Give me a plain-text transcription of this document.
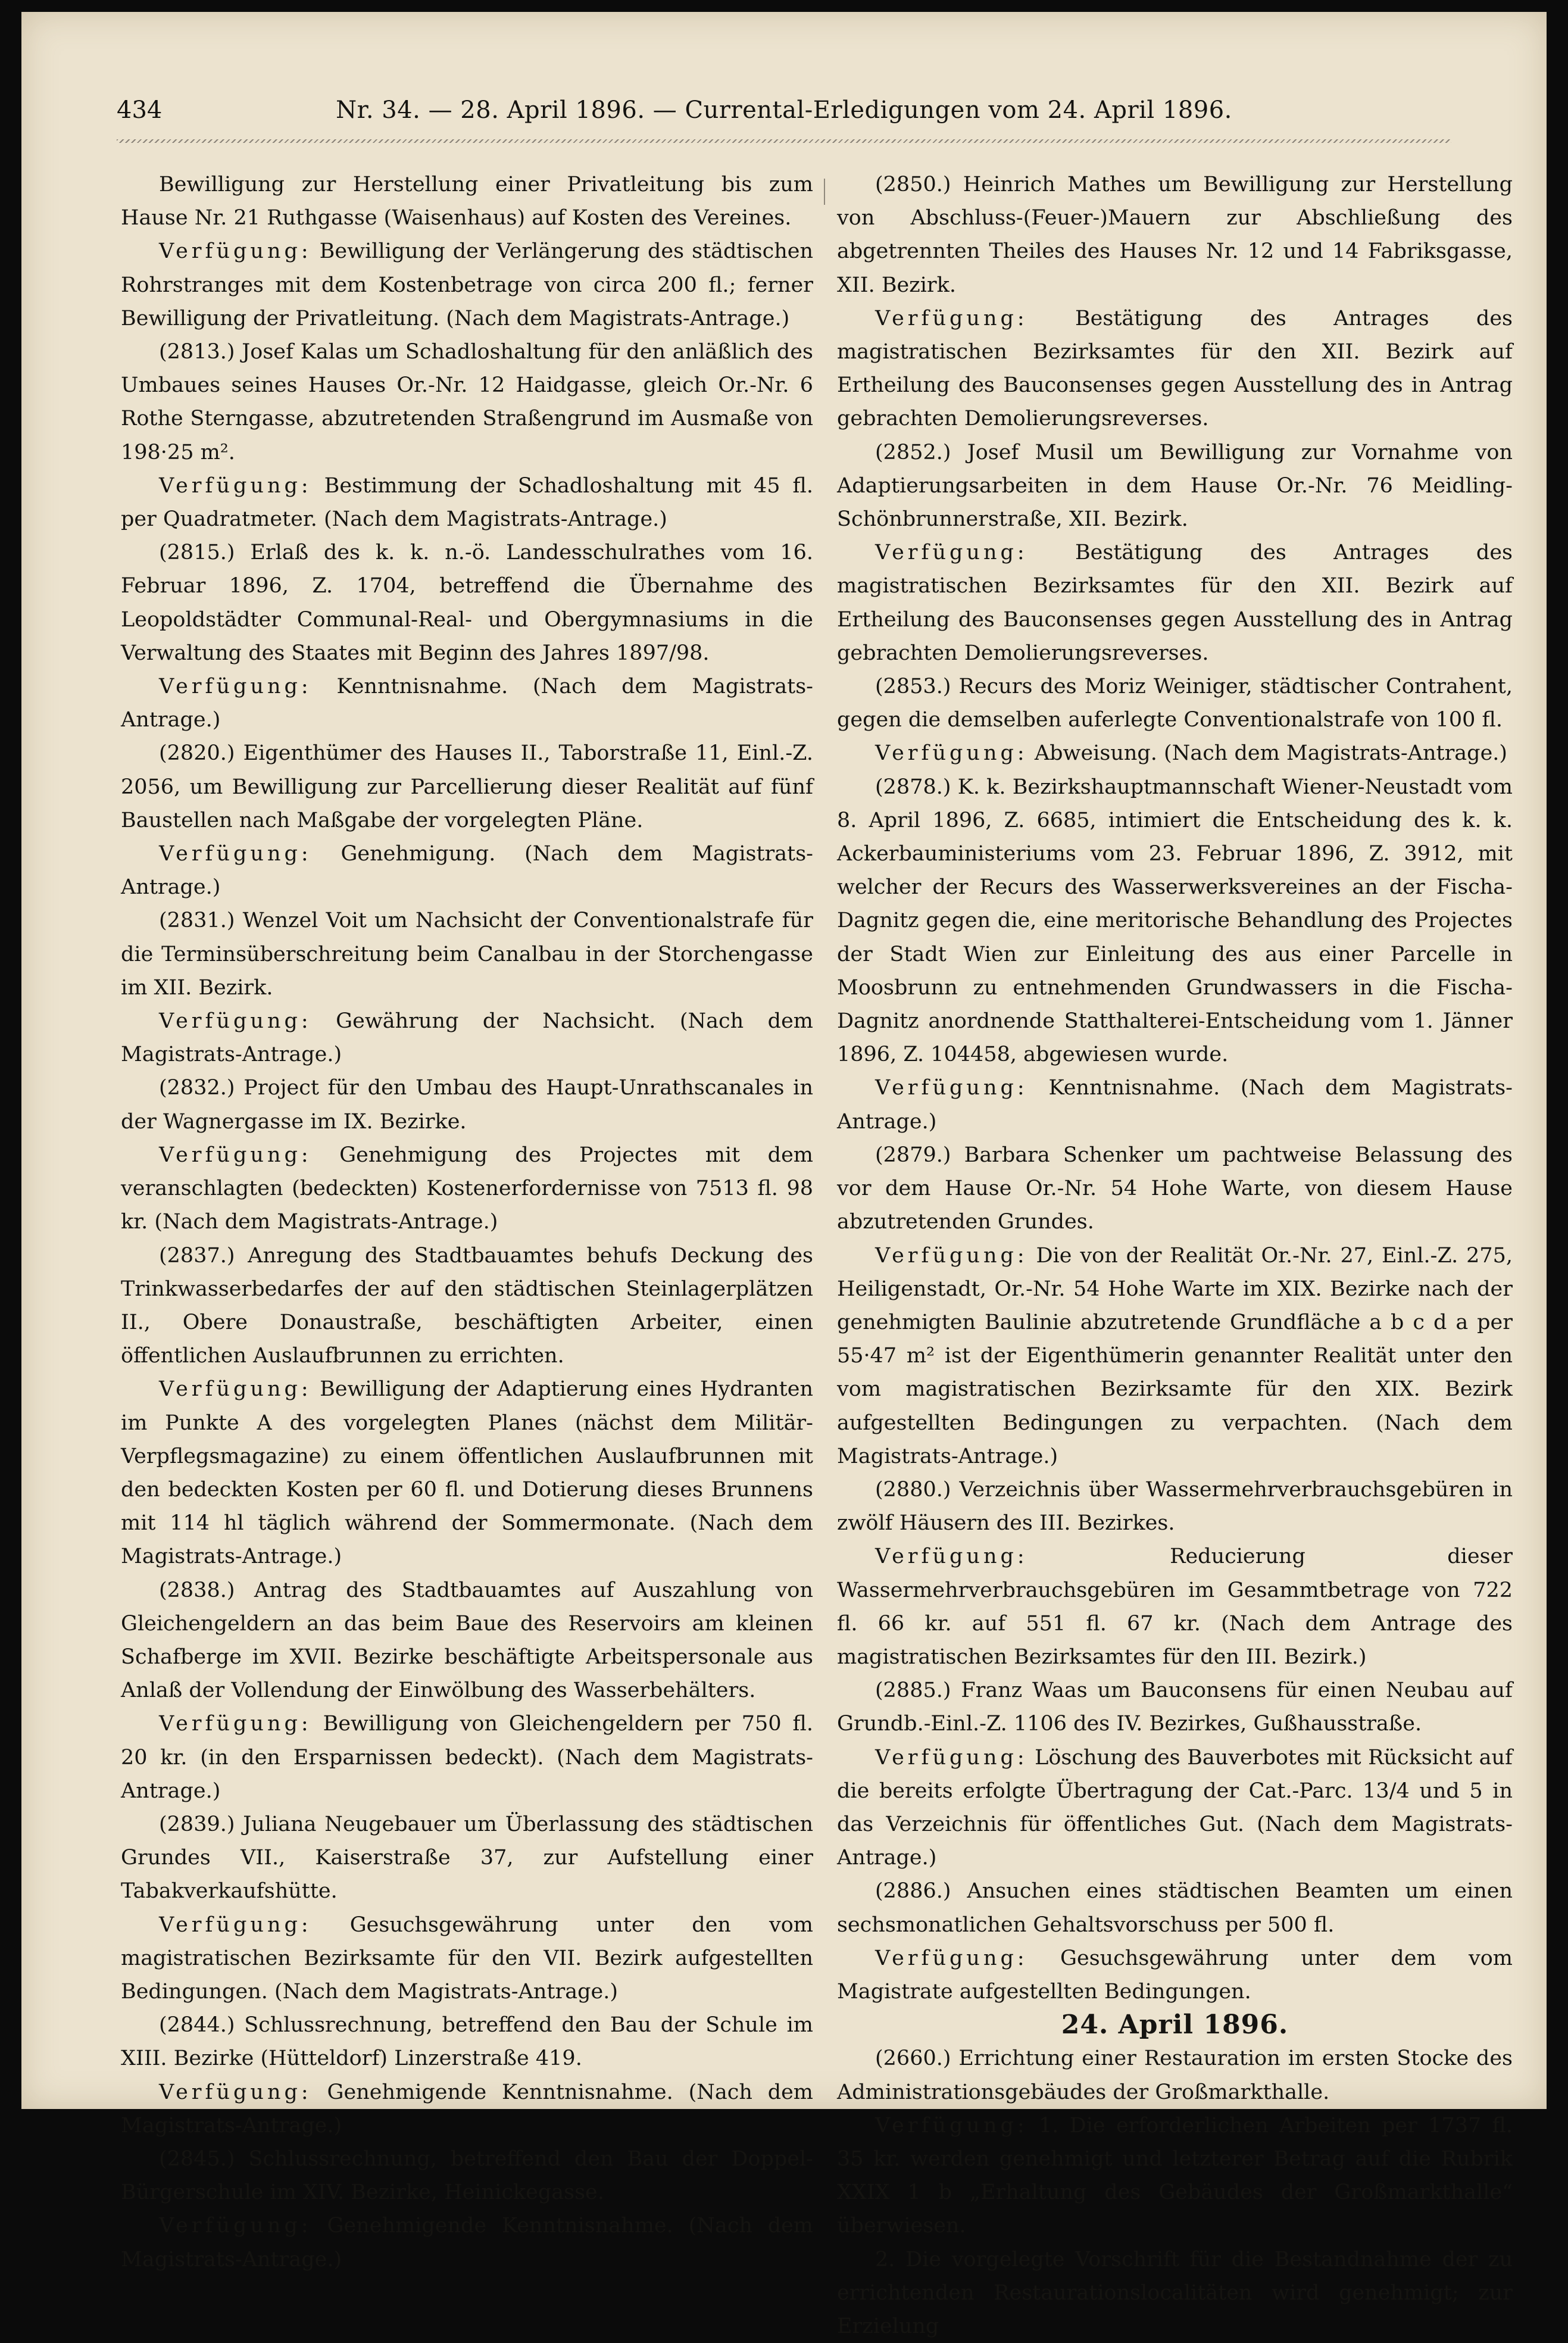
434	Nr. 34. — 28. April 1896. — Currental-Erledigungen vom 24. April 1896.

Bewilligung zur Herstellung einer Privatleitung bis zum Hause Nr. 21 Ruthgasse (Waisenhaus) auf Kosten des Vereines.

Verfügung: Bewilligung der Verlängerung des städtischen Rohrstranges mit dem Kostenbetrage von circa 200 fl.; ferner Bewilligung der Privatleitung. (Nach dem Magistrats-Antrage.)

(2813.) Josef Kalas um Schadloshaltung für den anläßlich des Umbaues seines Hauses Or.-Nr. 12 Haidgasse, gleich Or.-Nr. 6 Rothe Sterngasse, abzutretenden Straßengrund im Ausmaße von 198·25 m².

Verfügung: Bestimmung der Schadloshaltung mit 45 fl. per Quadratmeter. (Nach dem Magistrats-Antrage.)

(2815.) Erlaß des k. k. n.-ö. Landesschulrathes vom 16. Februar 1896, Z. 1704, betreffend die Übernahme des Leopoldstädter Communal-Real- und Obergymnasiums in die Verwaltung des Staates mit Beginn des Jahres 1897/98.

Verfügung: Kenntnisnahme. (Nach dem Magistrats-Antrage.)

(2820.) Eigenthümer des Hauses II., Taborstraße 11, Einl.-Z. 2056, um Bewilligung zur Parcellierung dieser Realität auf fünf Baustellen nach Maßgabe der vorgelegten Pläne.

Verfügung: Genehmigung. (Nach dem Magistrats-Antrage.)

(2831.) Wenzel Voit um Nachsicht der Conventionalstrafe für die Terminsüberschreitung beim Canalbau in der Storchengasse im XII. Bezirk.

Verfügung: Gewährung der Nachsicht. (Nach dem Magistrats-Antrage.)

(2832.) Project für den Umbau des Haupt-Unrathscanales in der Wagnergasse im IX. Bezirke.

Verfügung: Genehmigung des Projectes mit dem veranschlagten (bedeckten) Kostenerfordernisse von 7513 fl. 98 kr. (Nach dem Magistrats-Antrage.)

(2837.) Anregung des Stadtbauamtes behufs Deckung des Trinkwasserbedarfes der auf den städtischen Steinlagerplätzen II., Obere Donaustraße, beschäftigten Arbeiter, einen öffentlichen Auslaufbrunnen zu errichten.

Verfügung: Bewilligung der Adaptierung eines Hydranten im Punkte A des vorgelegten Planes (nächst dem Militär-Verpflegsmagazine) zu einem öffentlichen Auslaufbrunnen mit den bedeckten Kosten per 60 fl. und Dotierung dieses Brunnens mit 114 hl täglich während der Sommermonate. (Nach dem Magistrats-Antrage.)

(2838.) Antrag des Stadtbauamtes auf Auszahlung von Gleichengeldern an das beim Baue des Reservoirs am kleinen Schafberge im XVII. Bezirke beschäftigte Arbeitspersonale aus Anlaß der Vollendung der Einwölbung des Wasserbehälters.

Verfügung: Bewilligung von Gleichengeldern per 750 fl. 20 kr. (in den Ersparnissen bedeckt). (Nach dem Magistrats-Antrage.)

(2839.) Juliana Neugebauer um Überlassung des städtischen Grundes VII., Kaiserstraße 37, zur Aufstellung einer Tabakverkaufshütte.

Verfügung: Gesuchsgewährung unter den vom magistratischen Bezirksamte für den VII. Bezirk aufgestellten Bedingungen. (Nach dem Magistrats-Antrage.)

(2844.) Schlussrechnung, betreffend den Bau der Schule im XIII. Bezirke (Hütteldorf) Linzerstraße 419.

Verfügung: Genehmigende Kenntnisnahme. (Nach dem Magistrats-Antrage.)

(2845.) Schlussrechnung, betreffend den Bau der Doppel-Bürgerschule im XIV. Bezirke, Heinickegasse.

Verfügung: Genehmigende Kenntnisnahme. (Nach dem Magistrats-Antrage.)

(2850.) Heinrich Mathes um Bewilligung zur Herstellung von Abschluss-(Feuer-)Mauern zur Abschließung des abgetrennten Theiles des Hauses Nr. 12 und 14 Fabriksgasse, XII. Bezirk.

Verfügung: Bestätigung des Antrages des magistratischen Bezirksamtes für den XII. Bezirk auf Ertheilung des Bauconsenses gegen Ausstellung des in Antrag gebrachten Demolierungsreverses.

(2852.) Josef Musil um Bewilligung zur Vornahme von Adaptierungsarbeiten in dem Hause Or.-Nr. 76 Meidling-Schönbrunnerstraße, XII. Bezirk.

Verfügung: Bestätigung des Antrages des magistratischen Bezirksamtes für den XII. Bezirk auf Ertheilung des Bauconsenses gegen Ausstellung des in Antrag gebrachten Demolierungsreverses.

(2853.) Recurs des Moriz Weiniger, städtischer Contrahent, gegen die demselben auferlegte Conventionalstrafe von 100 fl.

Verfügung: Abweisung. (Nach dem Magistrats-Antrage.)

(2878.) K. k. Bezirkshauptmannschaft Wiener-Neustadt vom 8. April 1896, Z. 6685, intimiert die Entscheidung des k. k. Ackerbauministeriums vom 23. Februar 1896, Z. 3912, mit welcher der Recurs des Wasserwerksvereines an der Fischa-Dagnitz gegen die, eine meritorische Behandlung des Projectes der Stadt Wien zur Einleitung des aus einer Parcelle in Moosbrunn zu entnehmenden Grundwassers in die Fischa-Dagnitz anordnende Statthalterei-Entscheidung vom 1. Jänner 1896, Z. 104458, abgewiesen wurde.

Verfügung: Kenntnisnahme. (Nach dem Magistrats-Antrage.)

(2879.) Barbara Schenker um pachtweise Belassung des vor dem Hause Or.-Nr. 54 Hohe Warte, von diesem Hause abzutretenden Grundes.

Verfügung: Die von der Realität Or.-Nr. 27, Einl.-Z. 275, Heiligenstadt, Or.-Nr. 54 Hohe Warte im XIX. Bezirke nach der genehmigten Baulinie abzutretende Grundfläche a b c d a per 55·47 m² ist der Eigenthümerin genannter Realität unter den vom magistratischen Bezirksamte für den XIX. Bezirk aufgestellten Bedingungen zu verpachten. (Nach dem Magistrats-Antrage.)

(2880.) Verzeichnis über Wassermehrverbrauchsgebüren in zwölf Häusern des III. Bezirkes.

Verfügung: Reducierung dieser Wassermehrverbrauchsgebüren im Gesammtbetrage von 722 fl. 66 kr. auf 551 fl. 67 kr. (Nach dem Antrage des magistratischen Bezirksamtes für den III. Bezirk.)

(2885.) Franz Waas um Bauconsens für einen Neubau auf Grundb.-Einl.-Z. 1106 des IV. Bezirkes, Gußhausstraße.

Verfügung: Löschung des Bauverbotes mit Rücksicht auf die bereits erfolgte Übertragung der Cat.-Parc. 13/4 und 5 in das Verzeichnis für öffentliches Gut. (Nach dem Magistrats-Antrage.)

(2886.) Ansuchen eines städtischen Beamten um einen sechsmonatlichen Gehaltsvorschuss per 500 fl.

Verfügung: Gesuchsgewährung unter dem vom Magistrate aufgestellten Bedingungen.

24. April 1896.

(2660.) Errichtung einer Restauration im ersten Stocke des Administrationsgebäudes der Großmarkthalle.

Verfügung: 1. Die erforderlichen Arbeiten per 1737 fl. 35 kr. werden genehmigt und letzterer Betrag auf die Rubrik XXIX 1 b „Erhaltung des Gebäudes der Großmarkthalle“ überwiesen.

2. Die vorgelegte Vorschrift für die Bestandnahme der zu errichtenden Restaurationslocalitäten wird genehmigt; zur Erzielung
